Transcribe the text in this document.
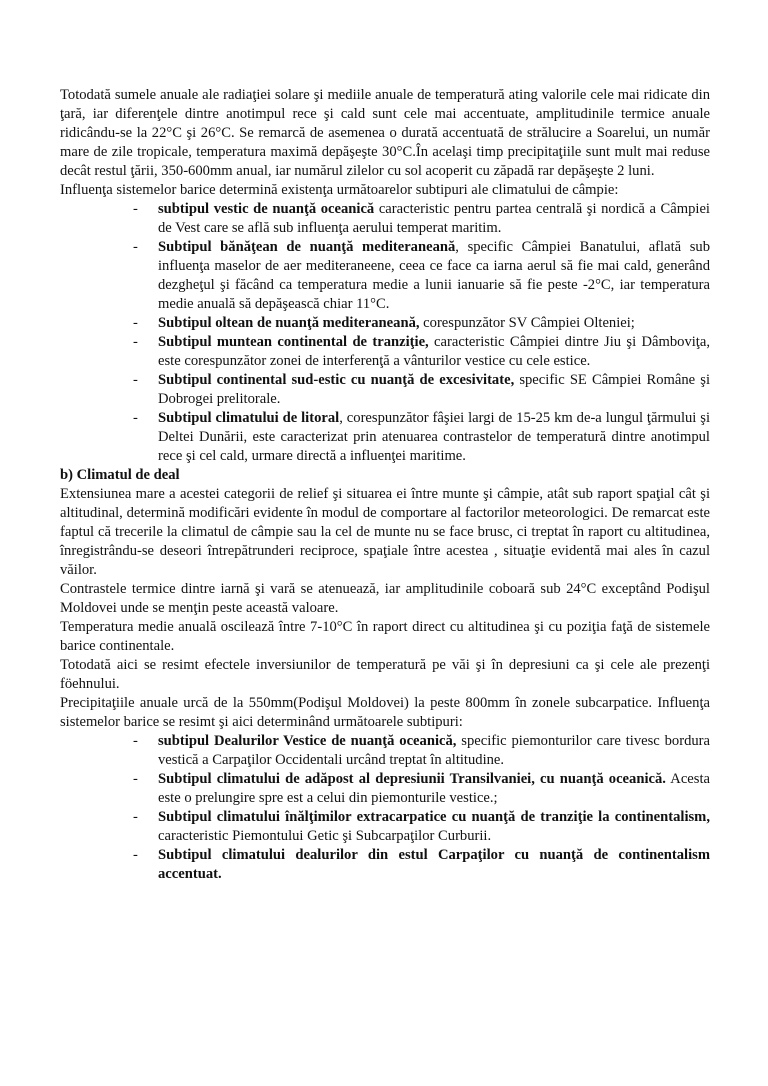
Totodată sumele anuale ale radiaţiei solare şi mediile anuale de temperatură ating valorile cele mai ridicate din ţară, iar diferenţele dintre anotimpul rece şi cald sunt cele mai accentuate, amplitudinile termice anuale ridicându-se la 22°C şi 26°C. Se remarcă de asemenea o durată accentuată de strălucire a Soarelui, un număr mare de zile tropicale, temperatura maximă depăşeşte 30°C.În acelaşi timp precipitaţiile sunt mult mai reduse decât restul ţării, 350-600mm anual, iar numărul zilelor cu sol acoperit cu zăpadă rar depăşeşte 2 luni.
Influenţa sistemelor barice determină existenţa următoarelor subtipuri ale climatului de câmpie:
- subtipul vestic de nuanţă oceanică caracteristic pentru partea centrală şi nordică a Câmpiei de Vest care se află sub influenţa aerului temperat maritim.
- Subtipul bănăţean de nuanţă mediteraneană, specific Câmpiei Banatului, aflată sub influenţa maselor de aer mediteraneene, ceea ce face ca iarna aerul să fie mai cald, generând dezgheţul şi făcând ca temperatura medie a lunii ianuarie să fie peste -2°C, iar temperatura medie anuală să depăşească chiar 11°C.
- Subtipul oltean de nuanţă mediteraneană, corespunzător SV Câmpiei Olteniei;
- Subtipul muntean continental de tranziţie, caracteristic Câmpiei dintre Jiu şi Dâmboviţa, este corespunzător zonei de interferenţă a vânturilor vestice cu cele estice.
- Subtipul continental sud-estic cu nuanţă de excesivitate, specific SE Câmpiei Române şi Dobrogei prelitorale.
- Subtipul climatului de litoral, corespunzător fâşiei largi de 15-25 km de-a lungul ţărmului şi Deltei Dunării, este caracterizat prin atenuarea contrastelor de temperatură dintre anotimpul rece şi cel cald, urmare directă a influenţei maritime.
b) Climatul de deal
Extensiunea mare a acestei categorii de relief şi situarea ei între munte şi câmpie, atât sub raport spaţial cât şi altitudinal, determină modificări evidente în modul de comportare al factorilor meteorologici. De remarcat este faptul că trecerile la climatul de câmpie sau la cel de munte nu se face brusc, ci treptat în raport cu altitudinea, înregistrându-se deseori întrepătrunderi reciproce, spaţiale între acestea , situaţie evidentă mai ales în cazul văilor.
Contrastele termice dintre iarnă şi vară se atenuează, iar amplitudinile coboară sub 24°C exceptând Podişul Moldovei unde se menţin peste această valoare.
Temperatura medie anuală oscilează între 7-10°C în raport direct cu altitudinea şi cu poziţia faţă de sistemele barice continentale.
Totodată aici se resimt efectele inversiunilor de temperatură pe văi şi în depresiuni ca şi cele ale prezenţi föehnului.
Precipitaţiile anuale urcă de la 550mm(Podişul Moldovei) la peste 800mm în zonele subcarpatice. Influenţa sistemelor barice se resimt şi aici determinând următoarele subtipuri:
- subtipul Dealurilor Vestice de nuanţă oceanică, specific piemonturilor care tivesc bordura vestică a Carpaţilor Occidentali urcând treptat în altitudine.
- Subtipul climatului de adăpost al depresiunii Transilvaniei, cu nuanţă oceanică. Acesta este o prelungire spre est a celui din piemonturile vestice.;
- Subtipul climatului înălţimilor extracarpatice cu nuanţă de tranziţie la continentalism, caracteristic Piemontului Getic şi Subcarpaţilor Curburii.
- Subtipul climatului dealurilor din estul Carpaţilor cu nuanţă de continentalism accentuat.
